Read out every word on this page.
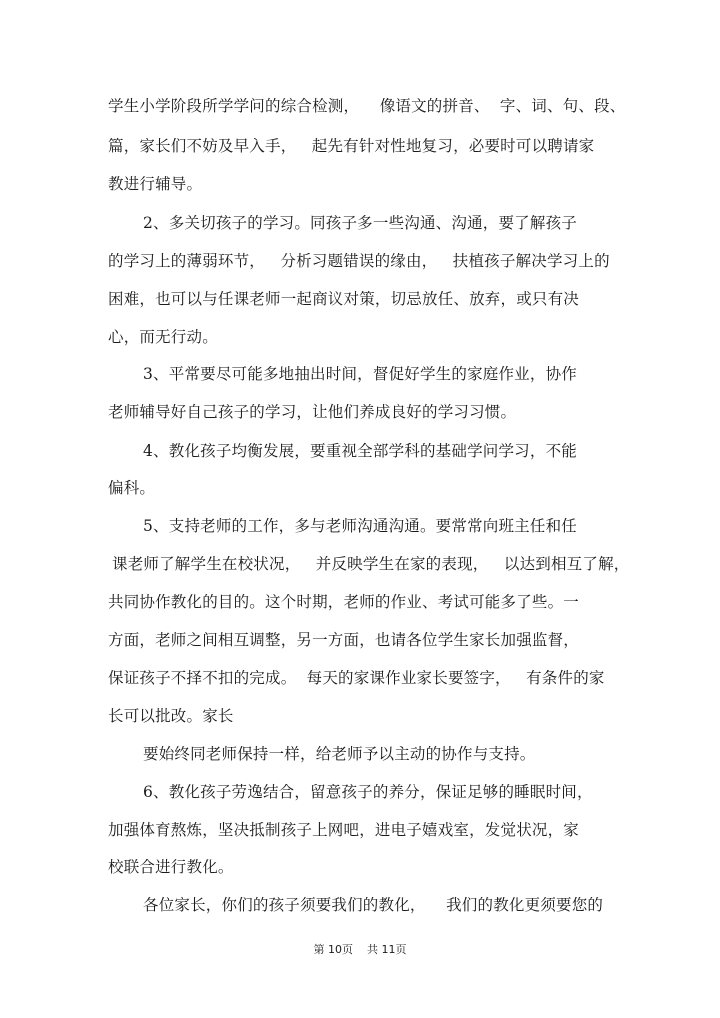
学生小学阶段所学学问的综合检测，    像语文的拼音、  字、词、句、段、
篇，家长们不妨及早入手，   起先有针对性地复习，必要时可以聘请家
教进行辅导。
2、多关切孩子的学习。同孩子多一些沟通、沟通，要了解孩子
的学习上的薄弱环节，   分析习题错误的缘由，   扶植孩子解决学习上的
困难，也可以与任课老师一起商议对策，切忌放任、放弃，或只有决
心，而无行动。
3、平常要尽可能多地抽出时间，督促好学生的家庭作业，协作
老师辅导好自己孩子的学习，让他们养成良好的学习习惯。
4、教化孩子均衡发展，要重视全部学科的基础学问学习，不能
偏科。
5、支持老师的工作，多与老师沟通沟通。要常常向班主任和任
课老师了解学生在校状况，   并反映学生在家的表现，   以达到相互了解，
共同协作教化的目的。这个时期，老师的作业、考试可能多了些。一
方面，老师之间相互调整，另一方面，也请各位学生家长加强监督，
保证孩子不择不扣的完成。  每天的家课作业家长要签字，   有条件的家
长可以批改。家长
要始终同老师保持一样，给老师予以主动的协作与支持。
6、教化孩子劳逸结合，留意孩子的养分，保证足够的睡眠时间，
加强体育熬炼，坚决抵制孩子上网吧，进电子嬉戏室，发觉状况，家
校联合进行教化。
各位家长，你们的孩子须要我们的教化，    我们的教化更须要您的
第 10页    共 11页
